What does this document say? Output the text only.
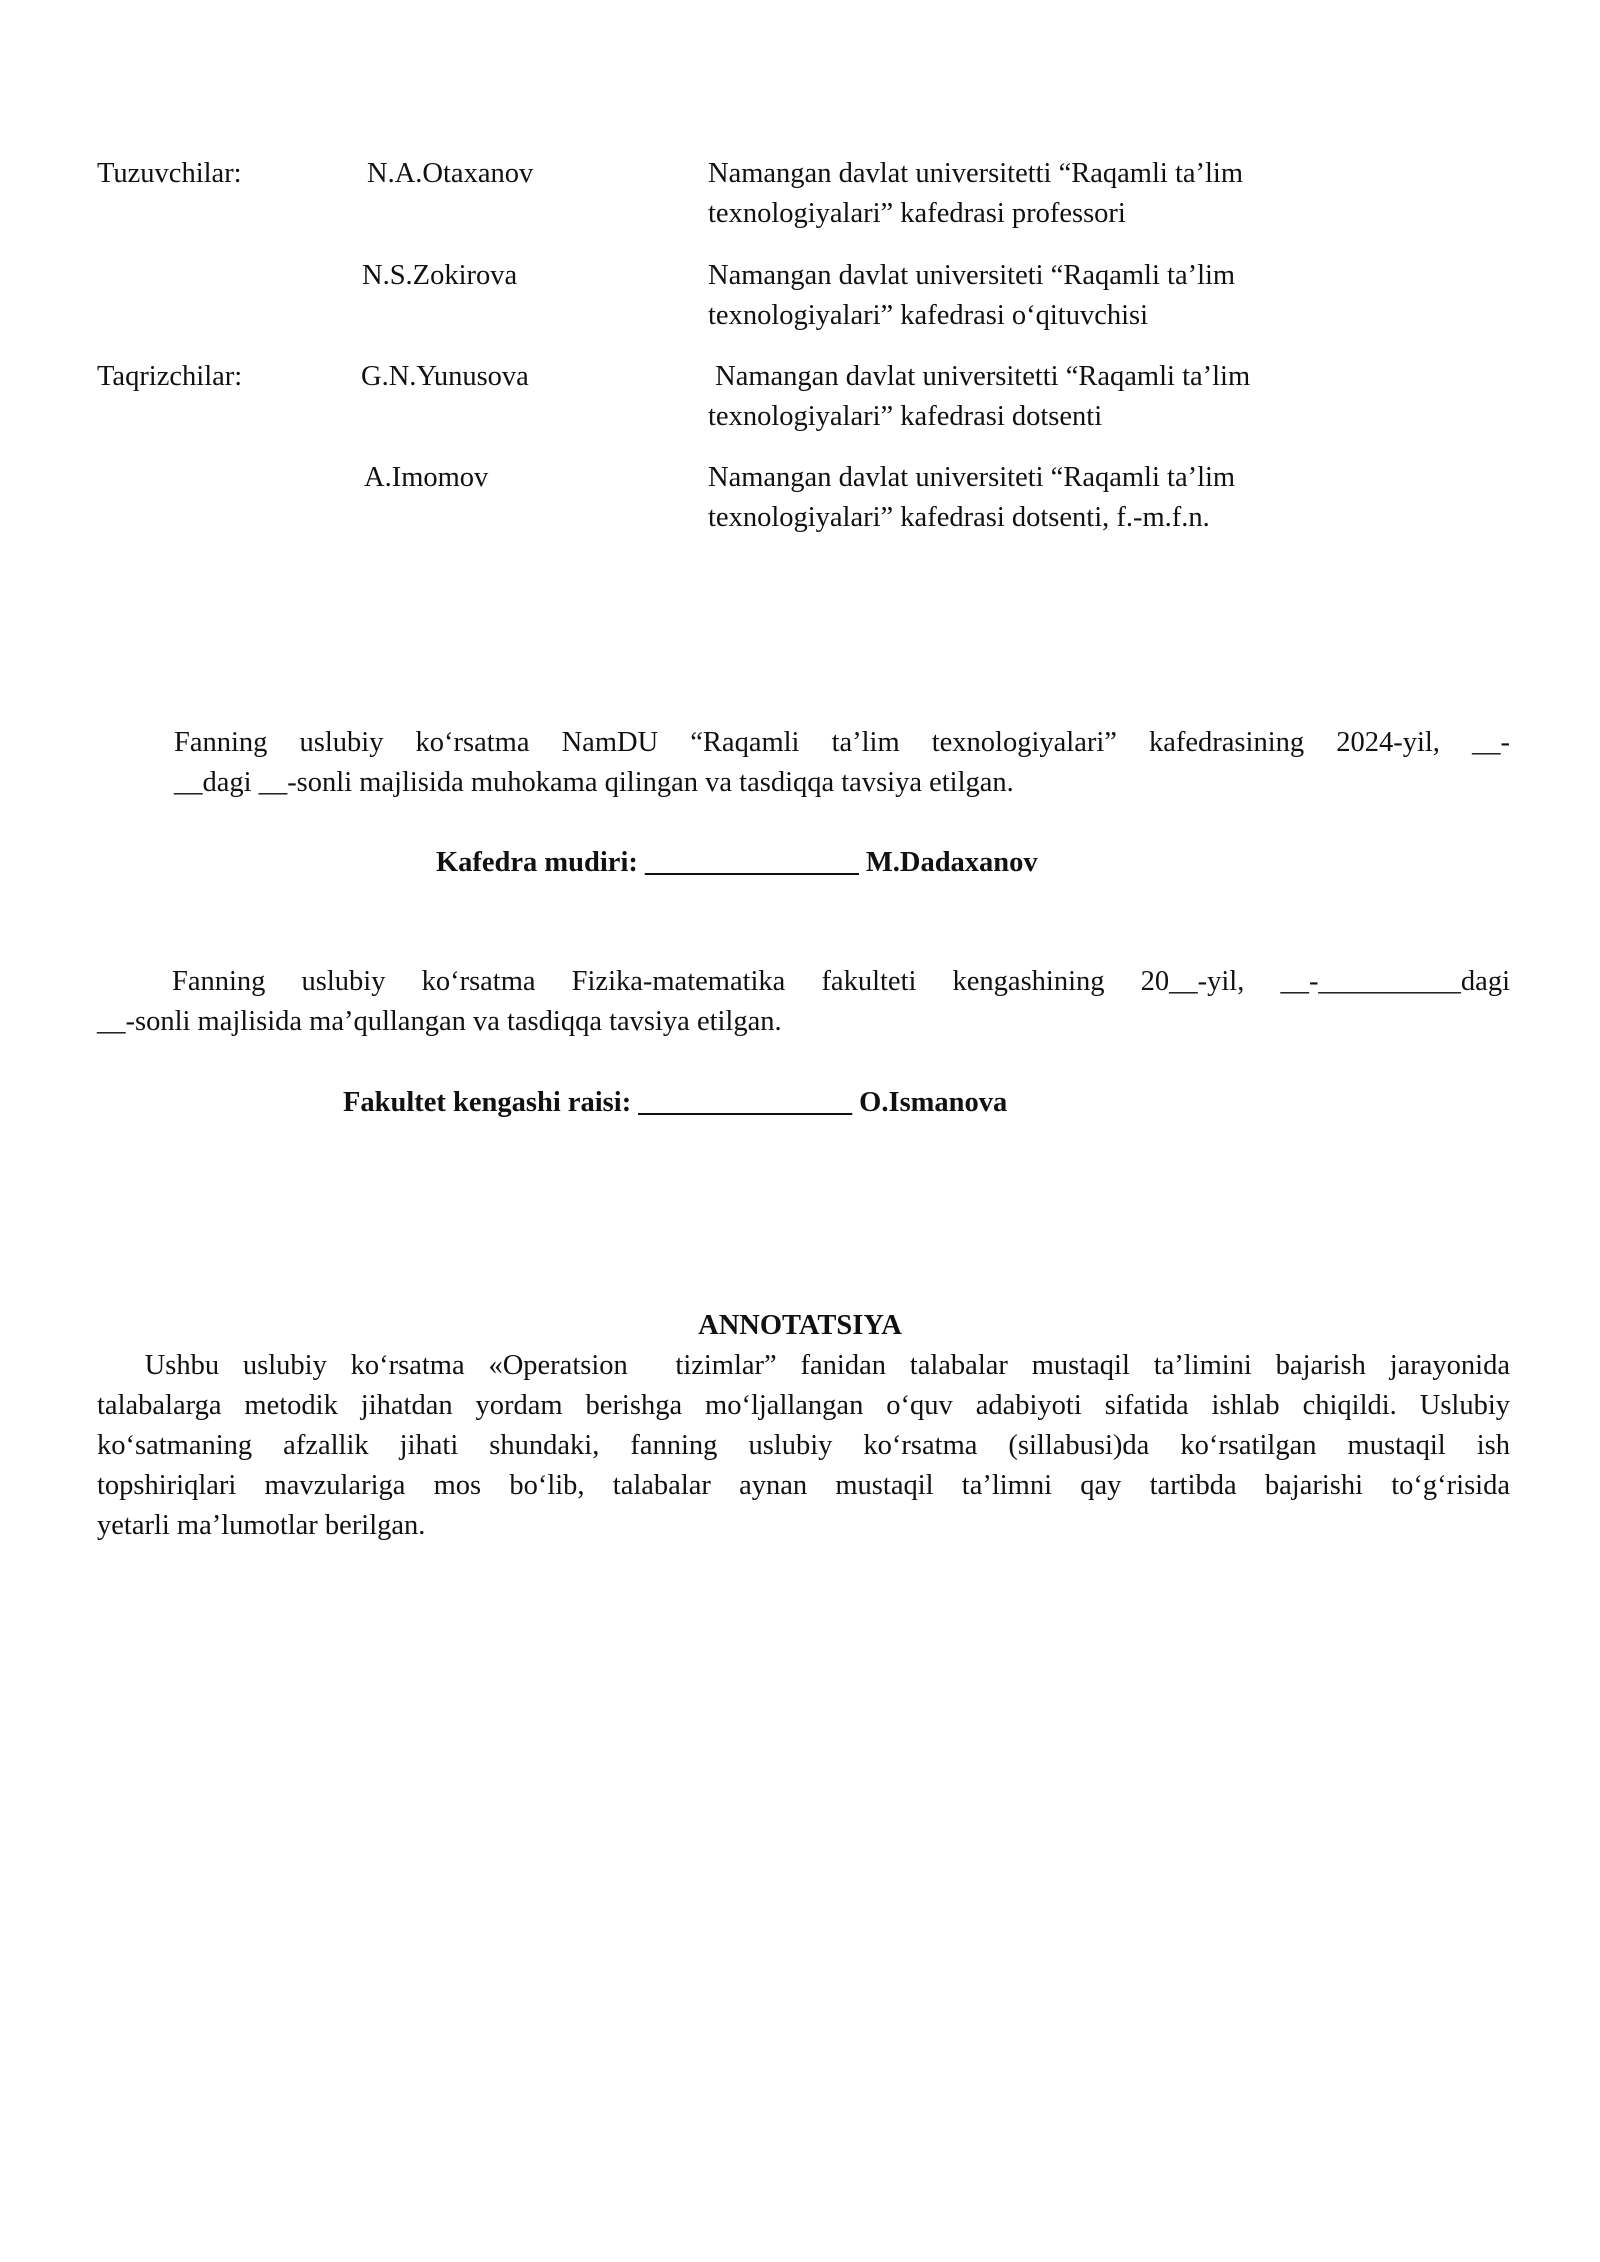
Tuzuvchilar:	N.A.Otaxanov	Namangan davlat universitetti “Raqamli ta’lim
texnologiyalari” kafedrasi professori
N.S.Zokirova	Namangan davlat universiteti “Raqamli ta’lim
texnologiyalari” kafedrasi o‘qituvchisi
Taqrizchilar:	G.N.Yunusova	Namangan davlat universitetti “Raqamli ta’lim
texnologiyalari” kafedrasi dotsenti
A.Imomov	Namangan davlat universiteti “Raqamli ta’lim
texnologiyalari” kafedrasi dotsenti, f.-m.f.n.
Fanning uslubiy ko‘rsatma NamDU “Raqamli ta’lim texnologiyalari” kafedrasining 2024-yil, __-
__dagi __-sonli majlisida muhokama qilingan va tasdiqqa tavsiya etilgan.
Kafedra mudiri: _______________ M.Dadaxanov
Fanning uslubiy ko‘rsatma Fizika-matematika fakulteti kengashining 20__-yil, __-__________dagi
__-sonli majlisida ma’qullangan va tasdiqqa tavsiya etilgan.
Fakultet kengashi raisi: _______________ O.Ismanova
ANNOTATSIYA
Ushbu uslubiy ko‘rsatma «Operatsion  tizimlar” fanidan talabalar mustaqil ta’limini bajarish jarayonida
talabalarga metodik jihatdan yordam berishga mo‘ljallangan o‘quv adabiyoti sifatida ishlab chiqildi. Uslubiy
ko‘satmaning afzallik jihati shundaki, fanning uslubiy ko‘rsatma (sillabusi)da ko‘rsatilgan mustaqil ish
topshiriqlari mavzulariga mos bo‘lib, talabalar aynan mustaqil ta’limni qay tartibda bajarishi to‘g‘risida
yetarli ma’lumotlar berilgan.
